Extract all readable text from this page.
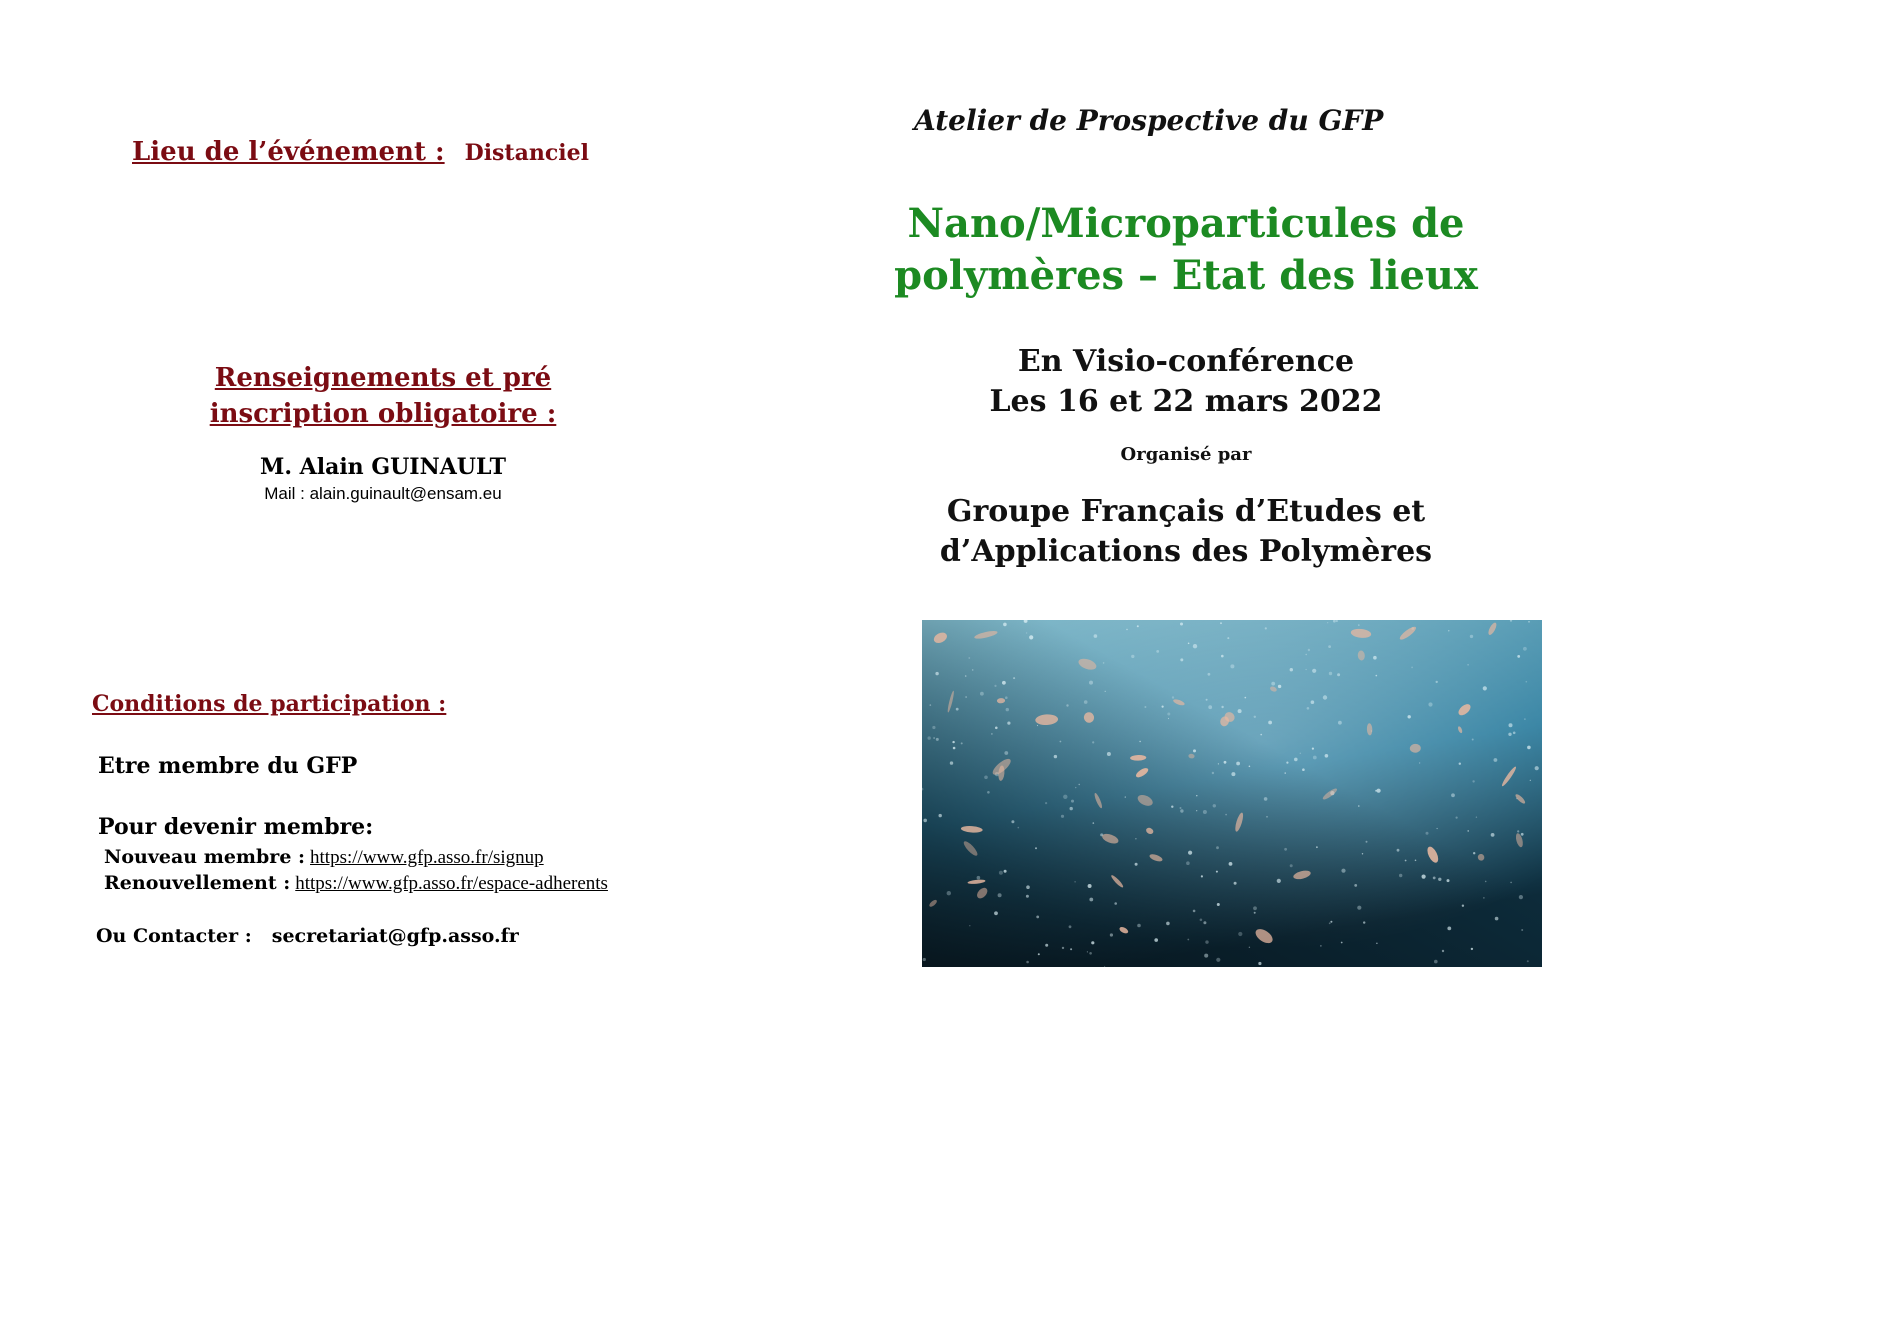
Lieu de l’événement : Distanciel
Renseignements et pré inscription obligatoire :
M. Alain GUINAULT
Mail : alain.guinault@ensam.eu
Conditions de participation :
Etre membre du GFP
Pour devenir membre:
Nouveau membre : https://www.gfp.asso.fr/signup
Renouvellement : https://www.gfp.asso.fr/espace-adherents
Ou Contacter : secretariat@gfp.asso.fr
Atelier de Prospective du GFP
Nano/Microparticules de polymères – Etat des lieux
En Visio-conférence
Les 16 et 22 mars 2022
Organisé par
Groupe Français d’Etudes et d’Applications des Polymères
